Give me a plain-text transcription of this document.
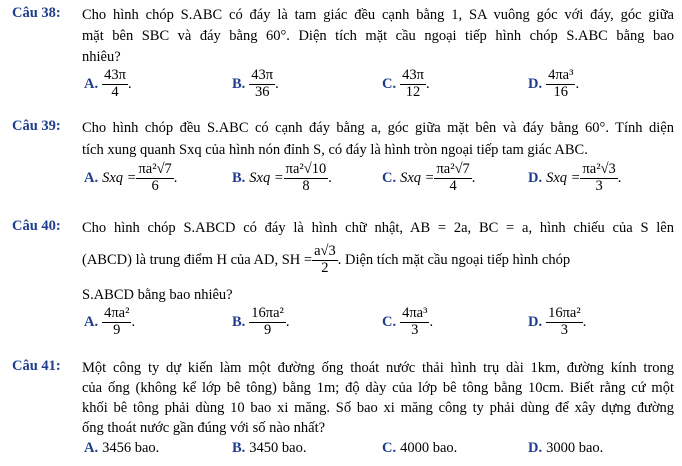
Câu 38: Cho hình chóp S.ABC có đáy là tam giác đều cạnh bằng 1, SA vuông góc với đáy, góc giữa
mặt bên SBC và đáy bằng 60°. Diện tích mặt cầu ngoại tiếp hình chóp S.ABC bằng bao
nhiêu?
A. $\frac{43\pi}{4}$ .	B. $\frac{43\pi}{36}$ .	C. $\frac{43\pi}{12}$ .	D. $\frac{\text{4πa³}}{16}$ .
Câu 39: Cho hình chóp đều S.ABC có cạnh đáy bằng a, góc giữa mặt bên và đáy bằng 60°. Tính diện
tích xung quanh Sxq của hình nón đỉnh S, có đáy là hình tròn ngoại tiếp tam giác ABC.
A. Sxq = $\frac{\text{πa²√7}}{6}$ .	B. Sxq = $\frac{\text{πa²√10}}{8}$ .	C. Sxq = $\frac{\text{πa²√7}}{4}$ .	D. Sxq = $\frac{\text{πa²√3}}{3}$ .
Câu 40: Cho hình chóp S.ABCD có đáy là hình chữ nhật, AB = 2a, BC = a, hình chiếu của S lên
(ABCD) là trung điểm H của AD, SH = $\frac{a√3}{2}$ . Diện tích mặt cầu ngoại tiếp hình chóp
S.ABCD bằng bao nhiêu?
A. $\frac{\text{4πa²}}{9}$ .	B. $\frac{\text{16πa²}}{9}$ .	C. $\frac{\text{4πa³}}{3}$ .	D. $\frac{\text{16πa²}}{3}$ .
Câu 41: Một công ty dự kiến làm một đường ống thoát nước thải hình trụ dài 1km, đường kính trong
của ống (không kể lớp bê tông) bằng 1m; độ dày của lớp bê tông bằng 10cm. Biết rằng cứ một
khối bê tông phải dùng 10 bao xi măng. Số bao xi măng công ty phải dùng để xây dựng đường
ống thoát nước gần đúng với số nào nhất?
A. 3456 bao.	B. 3450 bao.	C. 4000 bao.	D. 3000 bao.
